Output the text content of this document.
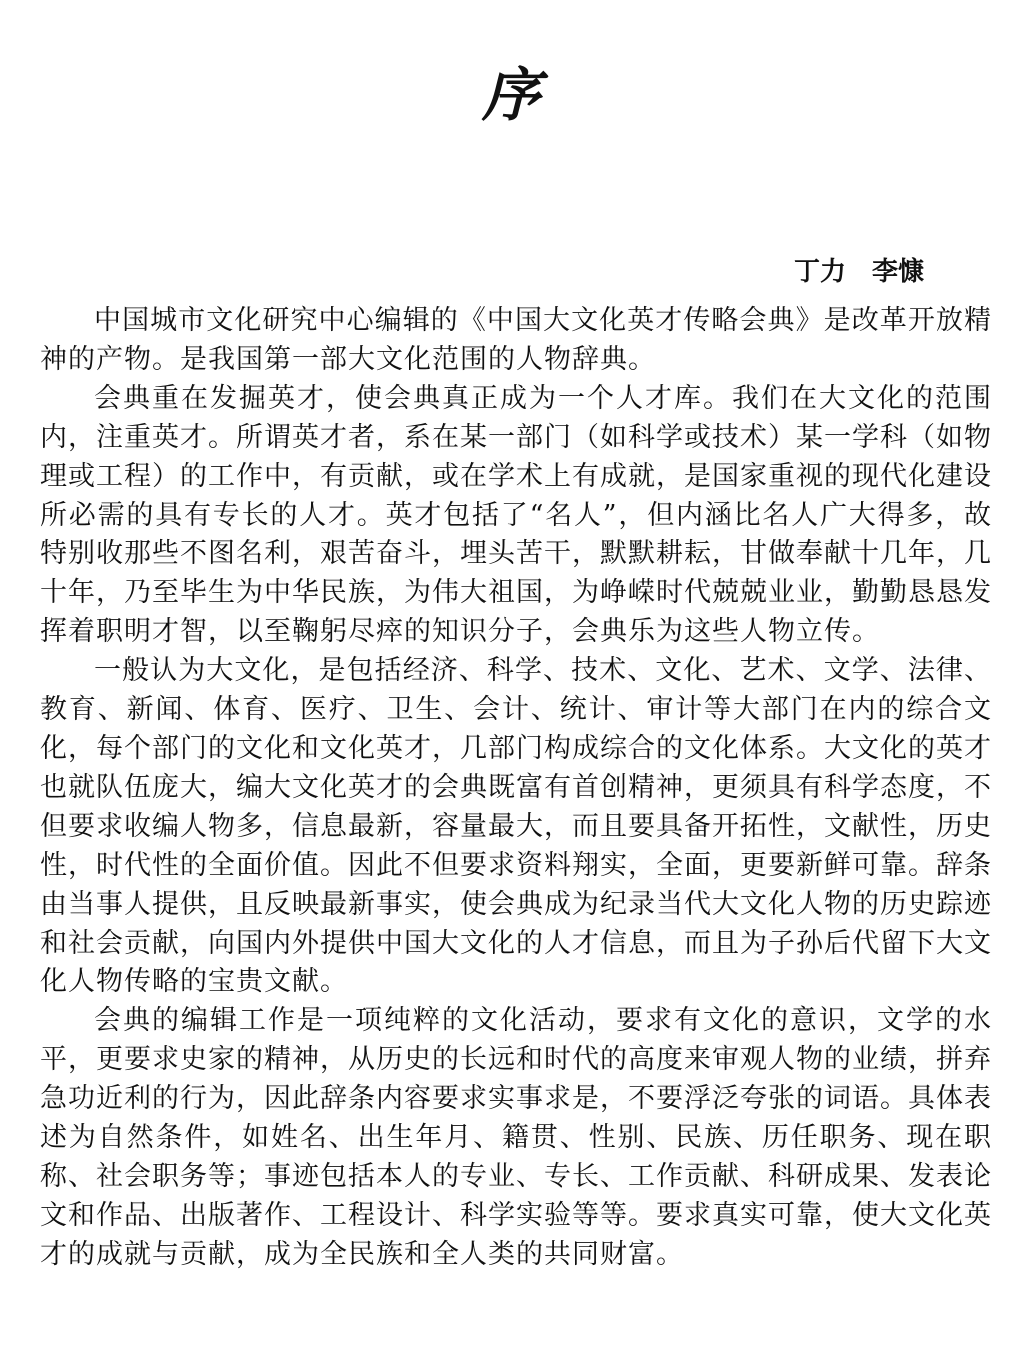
序
丁力 李慷

中国城市文化研究中心编辑的《中国大文化英才传略会典》是改革开放精神的产物。是我国第一部大文化范围的人物辞典。

会典重在发掘英才，使会典真正成为一个人才库。我们在大文化的范围内，注重英才。所谓英才者，系在某一部门（如科学或技术）某一学科（如物理或工程）的工作中，有贡献，或在学术上有成就，是国家重视的现代化建设所必需的具有专长的人才。英才包括了“名人”，但内涵比名人广大得多，故特别收那些不图名利，艰苦奋斗，埋头苦干，默默耕耘，甘做奉献十几年，几十年，乃至毕生为中华民族，为伟大祖国，为峥嵘时代兢兢业业，勤勤恳恳发挥着职明才智，以至鞠躬尽瘁的知识分子，会典乐为这些人物立传。

一般认为大文化，是包括经济、科学、技术、文化、艺术、文学、法律、教育、新闻、体育、医疗、卫生、会计、统计、审计等大部门在内的综合文化，每个部门的文化和文化英才，几部门构成综合的文化体系。大文化的英才也就队伍庞大，编大文化英才的会典既富有首创精神，更须具有科学态度，不但要求收编人物多，信息最新，容量最大，而且要具备开拓性，文献性，历史性，时代性的全面价值。因此不但要求资料翔实，全面，更要新鲜可靠。辞条由当事人提供，且反映最新事实，使会典成为纪录当代大文化人物的历史踪迹和社会贡献，向国内外提供中国大文化的人才信息，而且为子孙后代留下大文化人物传略的宝贵文献。

会典的编辑工作是一项纯粹的文化活动，要求有文化的意识，文学的水平，更要求史家的精神，从历史的长远和时代的高度来审观人物的业绩，拼弃急功近利的行为，因此辞条内容要求实事求是，不要浮泛夸张的词语。具体表述为自然条件，如姓名、出生年月、籍贯、性别、民族、历任职务、现在职称、社会职务等；事迹包括本人的专业、专长、工作贡献、科研成果、发表论文和作品、出版著作、工程设计、科学实验等等。要求真实可靠，使大文化英才的成就与贡献，成为全民族和全人类的共同财富。
